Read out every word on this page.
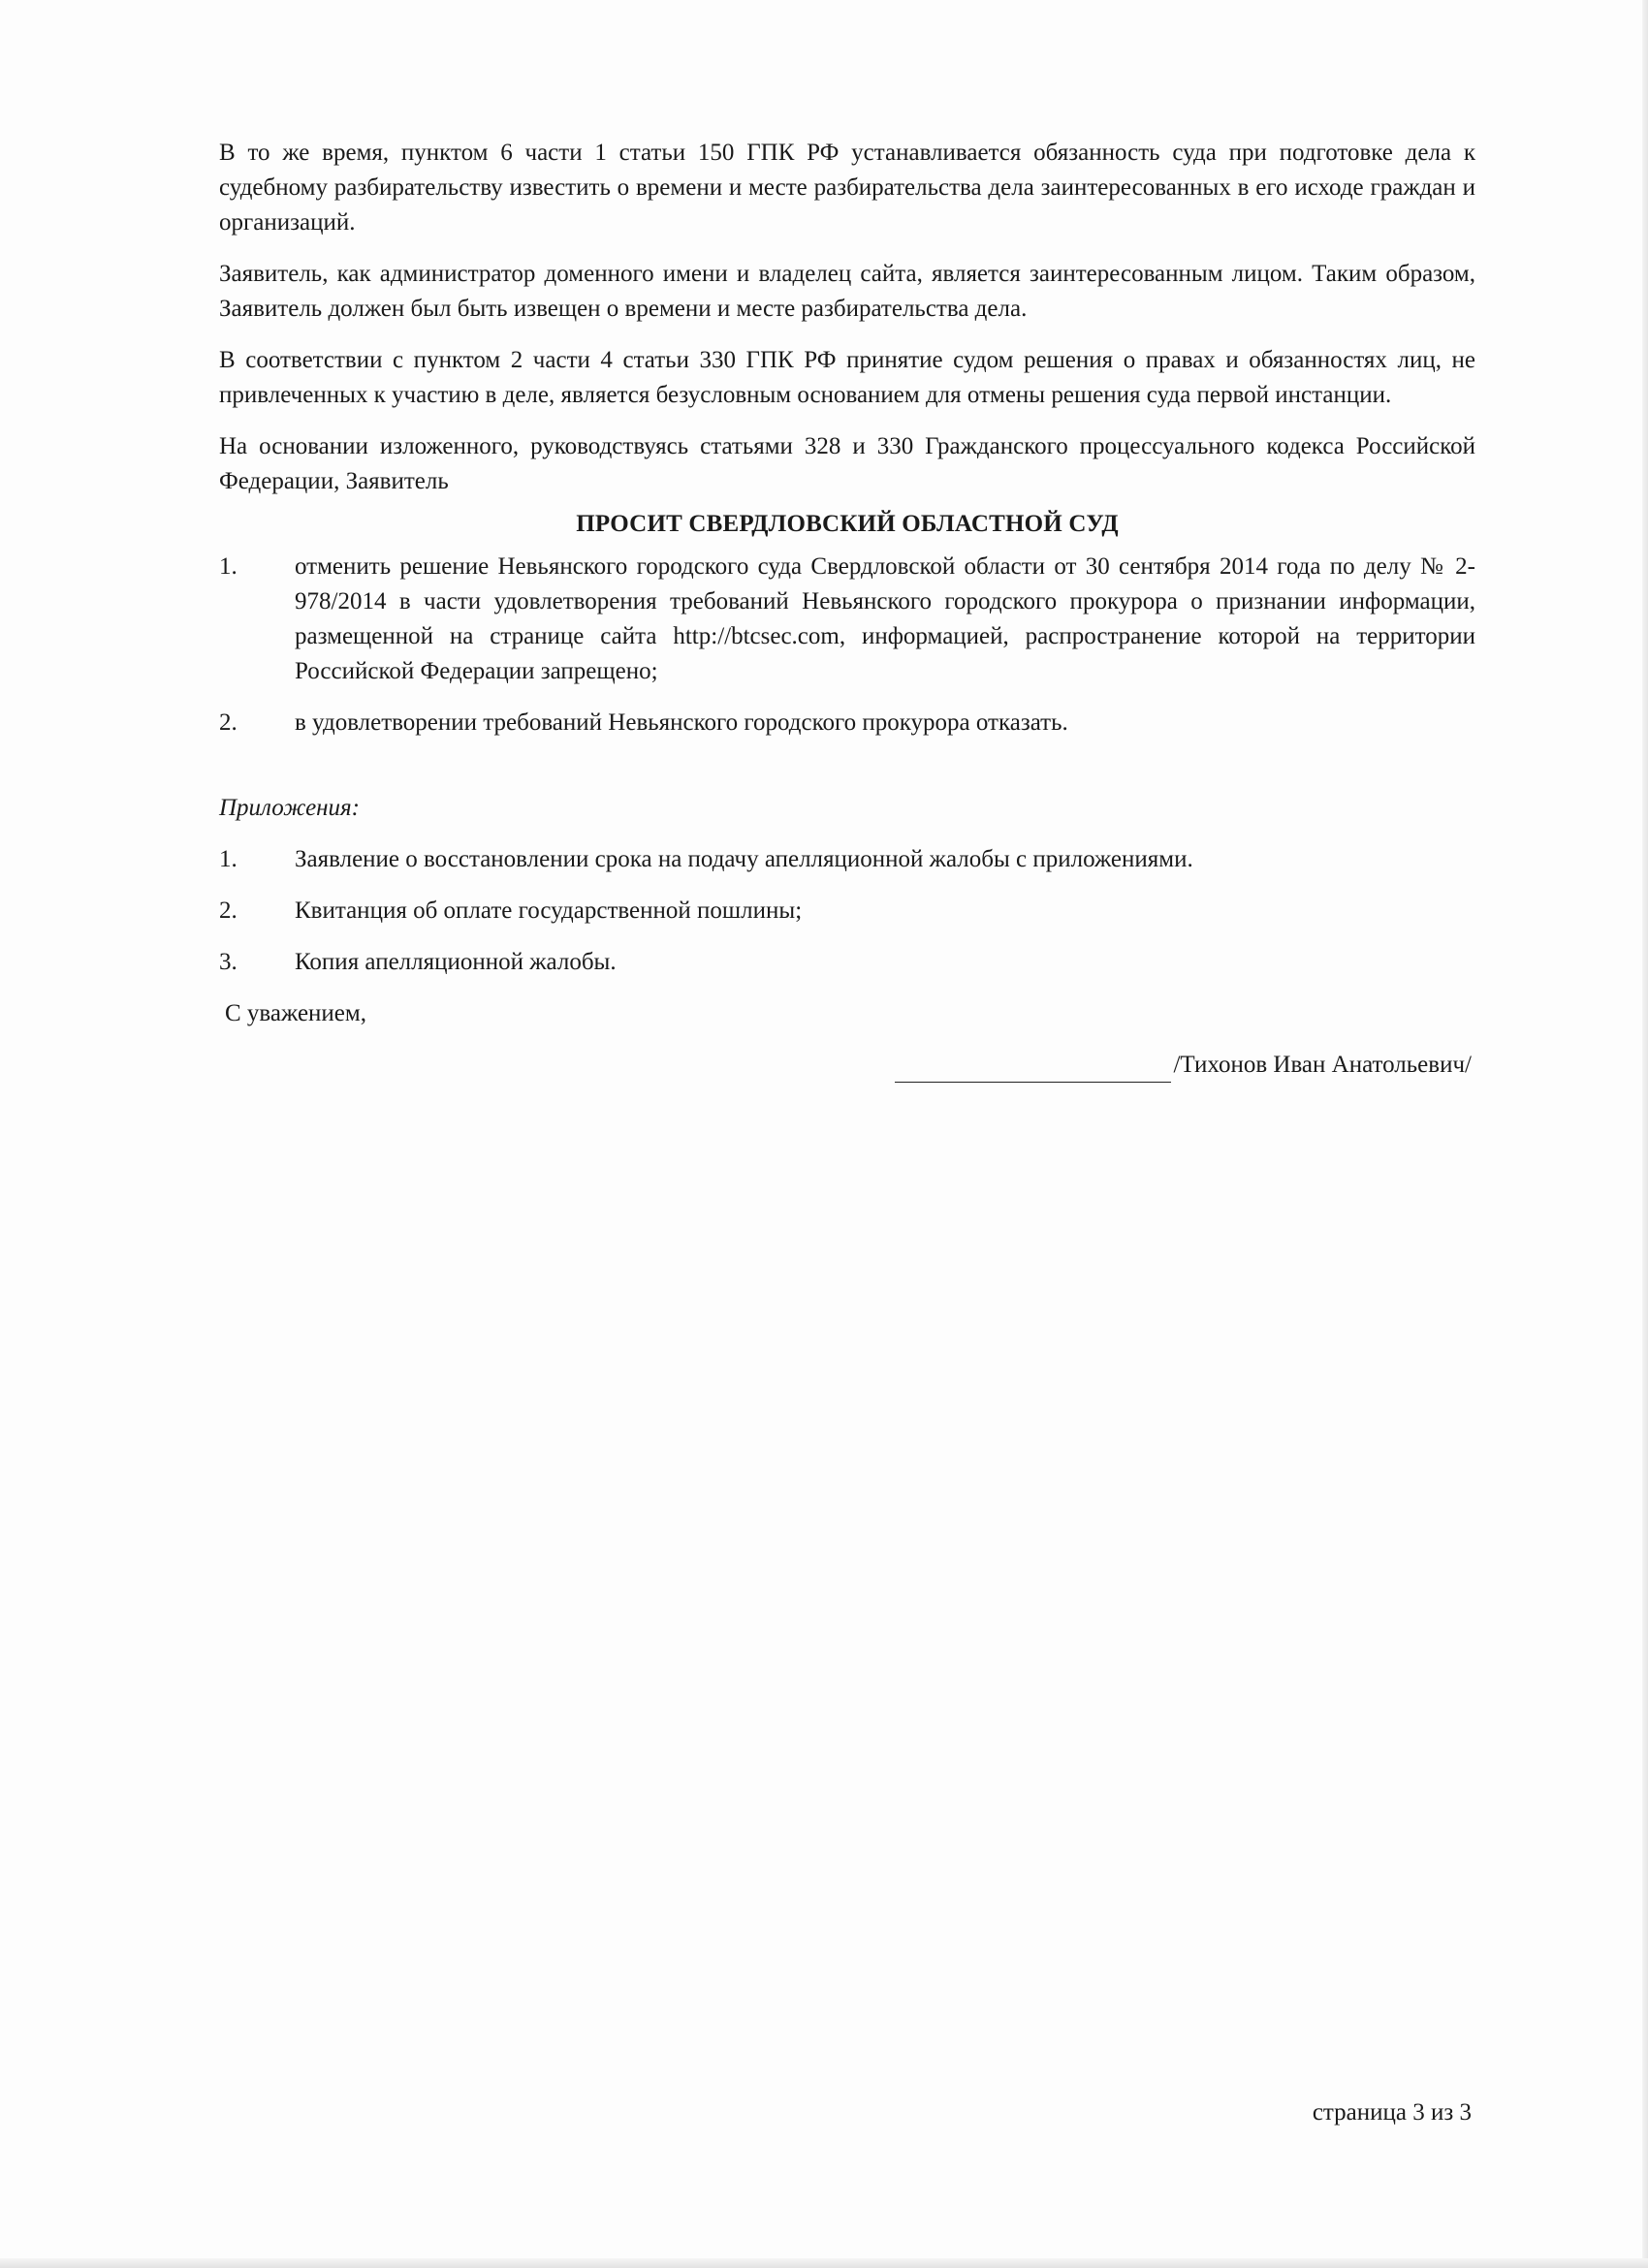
В то же время, пунктом 6 части 1 статьи 150 ГПК РФ устанавливается обязанность суда при подготовке дела к судебному разбирательству известить о времени и месте разбирательства дела заинтересованных в его исходе граждан и организаций.

Заявитель, как администратор доменного имени и владелец сайта, является заинтересованным лицом. Таким образом, Заявитель должен был быть извещен о времени и месте разбирательства дела.

В соответствии с пунктом 2 части 4 статьи 330 ГПК РФ принятие судом решения о правах и обязанностях лиц, не привлеченных к участию в деле, является безусловным основанием для отмены решения суда первой инстанции.

На основании изложенного, руководствуясь статьями 328 и 330 Гражданского процессуального кодекса Российской Федерации, Заявитель

ПРОСИТ СВЕРДЛОВСКИЙ ОБЛАСТНОЙ СУД
1. отменить решение Невьянского городского суда Свердловской области от 30 сентября 2014 года по делу № 2-978/2014 в части удовлетворения требований Невьянского городского прокурора о признании информации, размещенной на странице сайта http://btcsec.com, информацией, распространение которой на территории Российской Федерации запрещено;
2. в удовлетворении требований Невьянского городского прокурора отказать.
Приложения:
1. Заявление о восстановлении срока на подачу апелляционной жалобы с приложениями.
2. Квитанция об оплате государственной пошлины;
3. Копия апелляционной жалобы.
С уважением,
/Тихонов Иван Анатольевич/
страница 3 из 3
